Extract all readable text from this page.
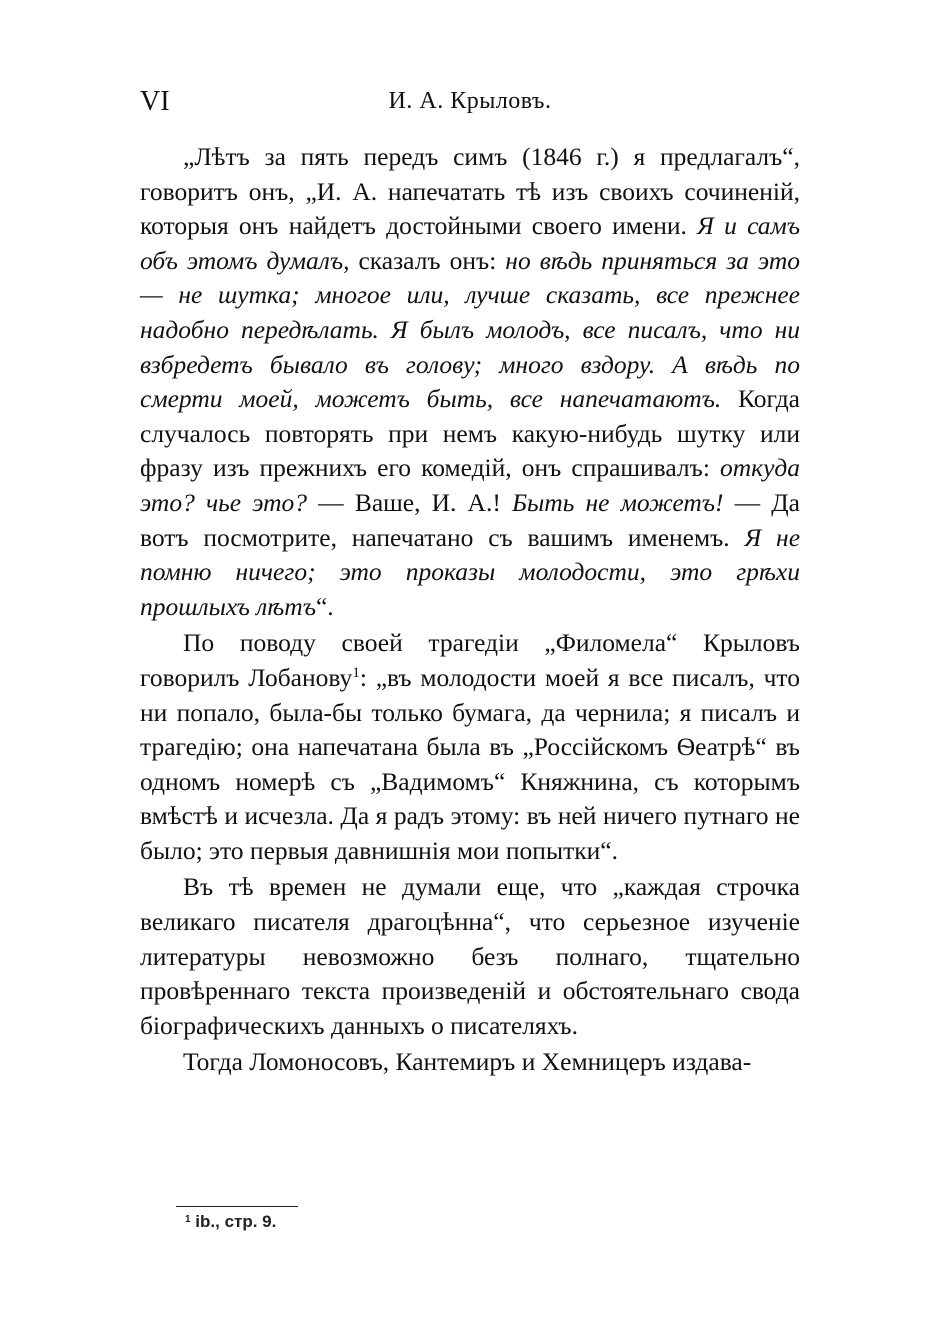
VI	И. А. Крыловъ.

„Лѣтъ за пять передъ симъ (1846 г.) я предлагалъ“, говоритъ онъ, „И. А. напечатать тѣ изъ своихъ сочиненій, которыя онъ найдетъ достойными своего имени. Я и самъ объ этомъ думалъ, сказалъ онъ: но вѣдь приняться за это — не шутка; многое или, лучше сказать, все прежнее надобно передѣлать. Я былъ молодъ, все писалъ, что ни взбредетъ бывало въ голову; много вздору. А вѣдь по смерти моей, можетъ быть, все напечатаютъ. Когда случалось повторять при немъ какую-нибудь шутку или фразу изъ прежнихъ его комедій, онъ спрашивалъ: откуда это? чье это? — Ваше, И. А.! Быть не можетъ! — Да вотъ посмотрите, напечатано съ вашимъ именемъ. Я не помню ничего; это проказы молодости, это грѣхи прошлыхъ лѣтъ“.

По поводу своей трагедіи „Филомела“ Крыловъ говорилъ Лобанову$^1$: „въ молодости моей я все писалъ, что ни попало, была-бы только бумага, да чернила; я писалъ и трагедію; она напечатана была въ „Россійскомъ Ѳеатрѣ“ въ одномъ номерѣ съ „Вадимомъ“ Княжнина, съ которымъ вмѣстѣ и исчезла. Да я радъ этому: въ ней ничего путнаго не было; это первыя давнишнія мои попытки“.

Въ тѣ времен не думали еще, что „каждая строчка великаго писателя драгоцѣнна“, что серьезное изученіе литературы невозможно безъ полнаго, тщательно провѣреннаго текста произведеній и обстоятельнаго свода біографическихъ данныхъ о писателяхъ.

Тогда Ломоносовъ, Кантемиръ и Хемницеръ издава-

$^1$ ib., стр. 9.
